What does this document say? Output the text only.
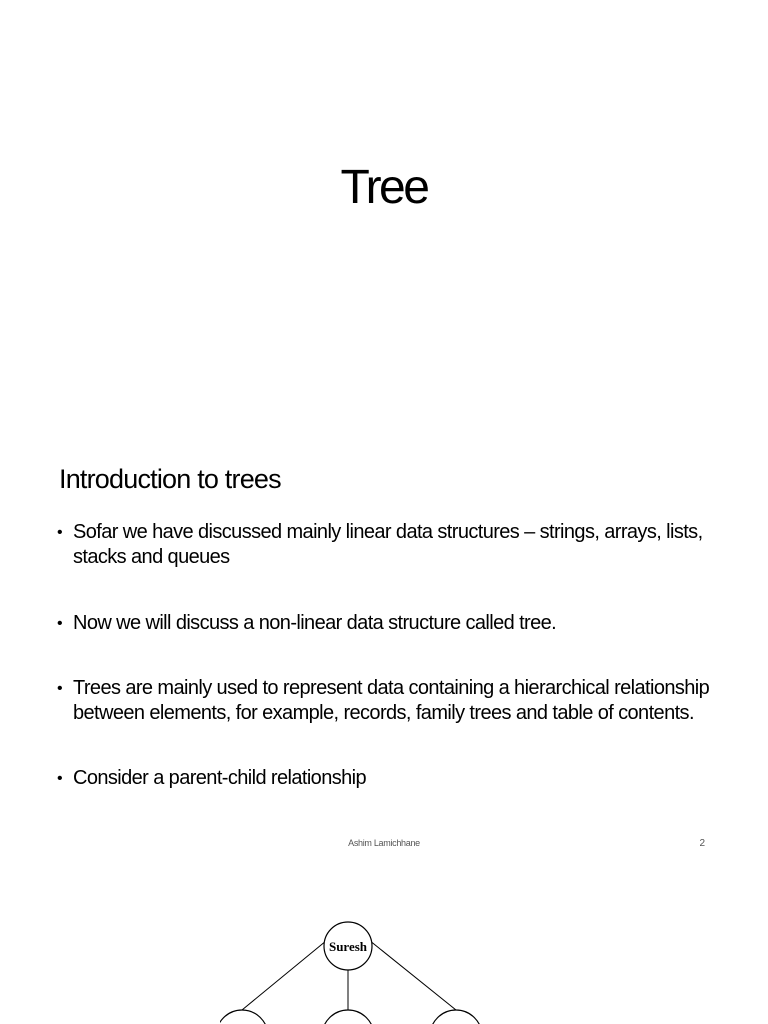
Tree
Introduction to trees
• Sofar we have discussed mainly linear data structures – strings, arrays, lists, stacks and queues
• Now we will discuss a non-linear data structure called tree.
• Trees are mainly used to represent data containing a hierarchical relationship between elements, for example, records, family trees and table of contents.
• Consider a parent-child relationship
Ashim Lamichhane	2
Suresh
